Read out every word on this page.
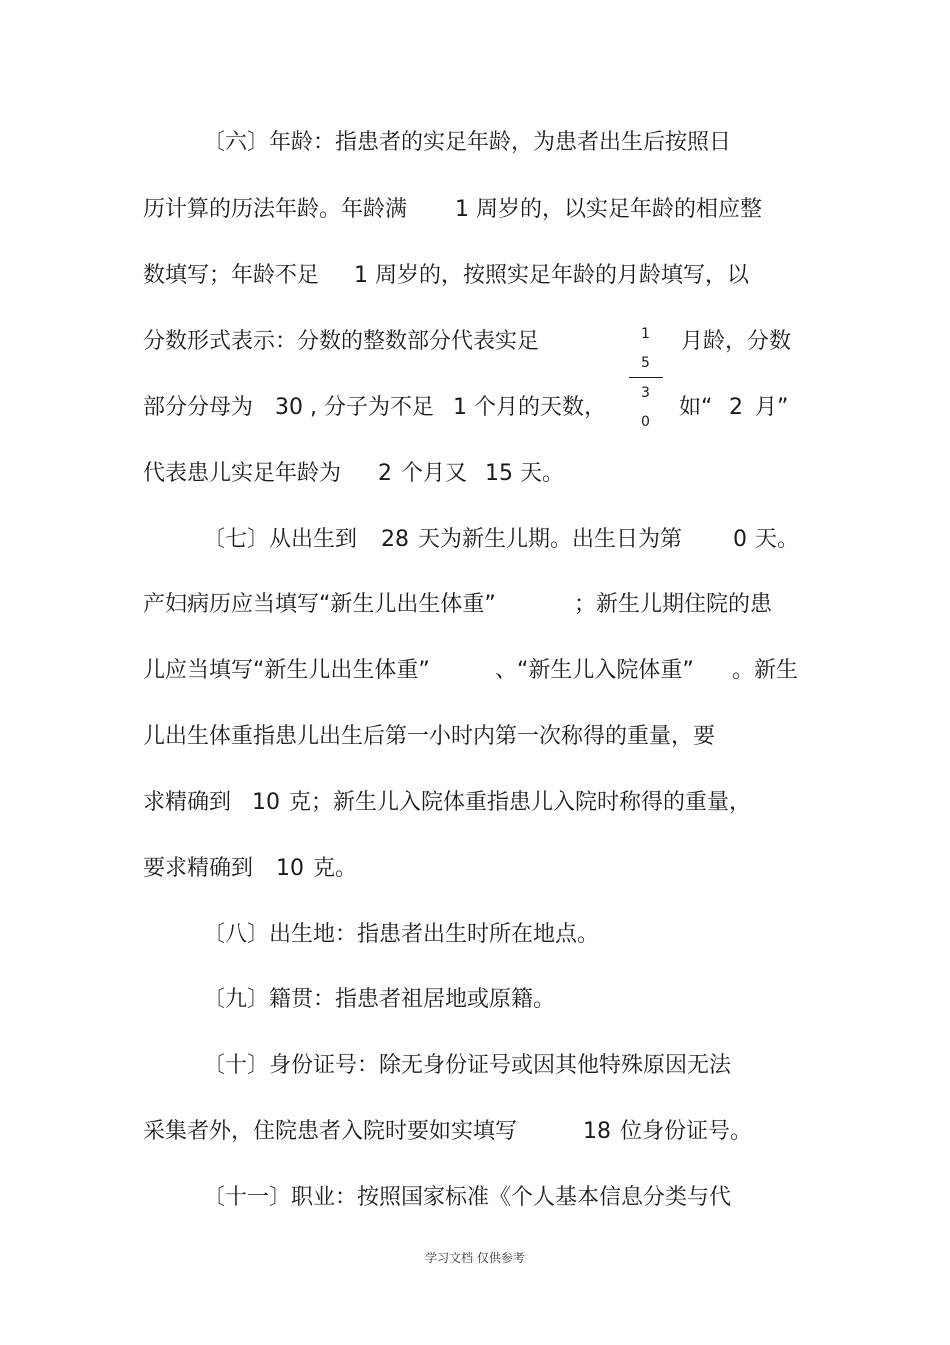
〔六〕年龄：指患者的实足年龄，为患者出生后按照日
历计算的历法年龄。年龄满 1 周岁的，以实足年龄的相应整
数填写；年龄不足 1 周岁的，按照实足年龄的月龄填写，以
分数形式表示：分数的整数部分代表实足	月龄，分数
1
5
3
0
部分分母为 30 , 分子为不足 1 个月的天数，	如“ 2 月”
代表患儿实足年龄为 2 个月又 15 天。
〔七〕从出生到 28 天为新生儿期。出生日为第 0 天。
产妇病历应当填写“新生儿出生体重”	；新生儿期住院的患
儿应当填写“新生儿出生体重”	、“新生儿入院体重” 。新生
儿出生体重指患儿出生后第一小时内第一次称得的重量，要
求精确到 10 克；新生儿入院体重指患儿入院时称得的重量，
要求精确到 10 克。
〔八〕出生地：指患者出生时所在地点。
〔九〕籍贯：指患者祖居地或原籍。
〔十〕身份证号：除无身份证号或因其他特殊原因无法
采集者外，住院患者入院时要如实填写	18 位身份证号。
〔十一〕职业：按照国家标准《个人基本信息分类与代
学习文档 仅供参考
